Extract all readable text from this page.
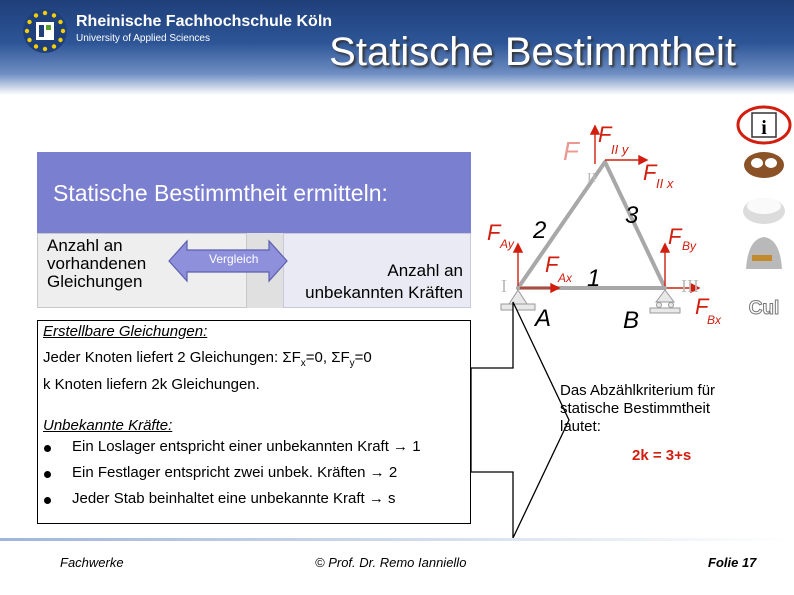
Rheinische Fachhochschule Köln
University of Applied Sciences	Statische Bestimmtheit
Statische Bestimmtheit ermitteln:
Anzahl an
vorhandenen
Gleichungen
Anzahl an
unbekannten Kräften
Vergleich
F
F
II y
II F II x
2
3
1
F Ay
F
Ax
F By
F
Bx
I	III
A	B
i
Cul
Erstellbare Gleichungen:
Jeder Knoten liefert 2 Gleichungen: $\Sigma F_x=0$, $\Sigma F_y=0$
k Knoten liefern 2k Gleichungen.
Unbekannte Kräfte:
Ein Loslager entspricht einer unbekannten Kraft → 1
Ein Festlager entspricht zwei unbek. Kräften → 2
Jeder Stab beinhaltet eine unbekannte Kraft → s
Das Abzählkriterium für
statische Bestimmtheit
lautet:
2k = 3+s
Fachwerke	© Prof. Dr. Remo Ianniello	Folie 17
